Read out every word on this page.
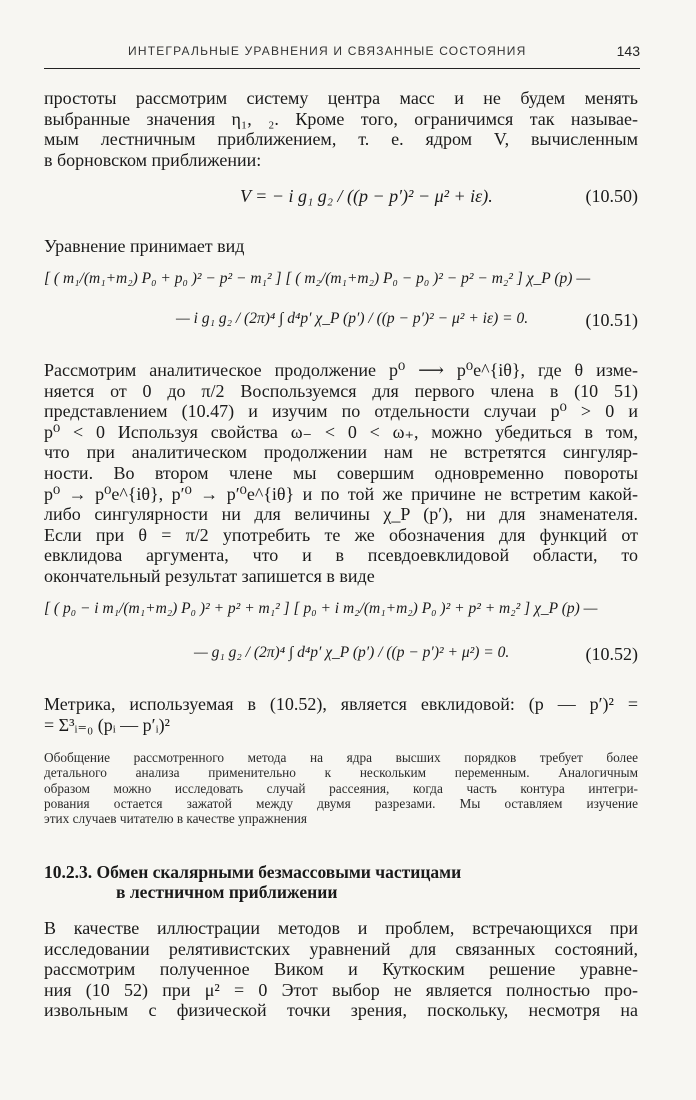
ИНТЕГРАЛЬНЫЕ УРАВНЕНИЯ И СВЯЗАННЫЕ СОСТОЯНИЯ	143
простоты рассмотрим систему центра масс и не будем менять
выбранные значения η₁, ₂. Кроме того, ограничимся так называе-
мым лестничным приближением, т. е. ядром V, вычисленным
в борновском приближении:
V = − i g₁ g₂ / ((p − p′)² − μ² + iε).	(10.50)
Уравнение принимает вид
[ ( m₁/(m₁+m₂) P₀ + p₀ )² − p² − m₁² ] [ ( m₂/(m₁+m₂) P₀ − p₀ )² − p² − m₂² ] χ_P (p) —
— i g₁ g₂ / (2π)⁴ ∫ d⁴p′ χ_P (p′) / ((p − p′)² − μ² + iε) = 0.	(10.51)
Рассмотрим аналитическое продолжение p⁰ ⟶ p⁰e^{iθ}, где θ изме-
няется от 0 до π/2 Воспользуемся для первого члена в (10 51)
представлением (10.47) и изучим по отдельности случаи p⁰ > 0 и
p⁰ < 0 Используя свойства ω₋ < 0 < ω₊, можно убедиться в том,
что при аналитическом продолжении нам не встретятся сингуляр-
ности. Во втором члене мы совершим одновременно повороты
p⁰ → p⁰e^{iθ}, p′⁰ → p′⁰e^{iθ} и по той же причине не встретим какой-
либо сингулярности ни для величины χ_P (p′), ни для знаменателя.
Если при θ = π/2 употребить те же обозначения для функций от
евклидова аргумента, что и в псевдоевклидовой области, то
окончательный результат запишется в виде
[ ( p₀ − i m₁/(m₁+m₂) P₀ )² + p² + m₁² ] [ p₀ + i m₂/(m₁+m₂) P₀ )² + p² + m₂² ] χ_P (p) —
— g₁ g₂ / (2π)⁴ ∫ d⁴p′ χ_P (p′) / ((p − p′)² + μ²) = 0.	(10.52)
Метрика, используемая в (10.52), является евклидовой: (p — p′)² =
= Σ³ᵢ₌₀ (pᵢ — p′ᵢ)²
Обобщение рассмотренного метода на ядра высших порядков требует более
детального анализа применительно к нескольким переменным. Аналогичным
образом можно исследовать случай рассеяния, когда часть контура интегри-
рования остается зажатой между двумя разрезами. Мы оставляем изучение
этих случаев читателю в качестве упражнения
10.2.3. Обмен скалярными безмассовыми частицами
в лестничном приближении
В качестве иллюстрации методов и проблем, встречающихся при
исследовании релятивистских уравнений для связанных состояний,
рассмотрим полученное Виком и Куткоским решение уравне-
ния (10 52) при μ² = 0 Этот выбор не является полностью про-
извольным с физической точки зрения, поскольку, несмотря на
